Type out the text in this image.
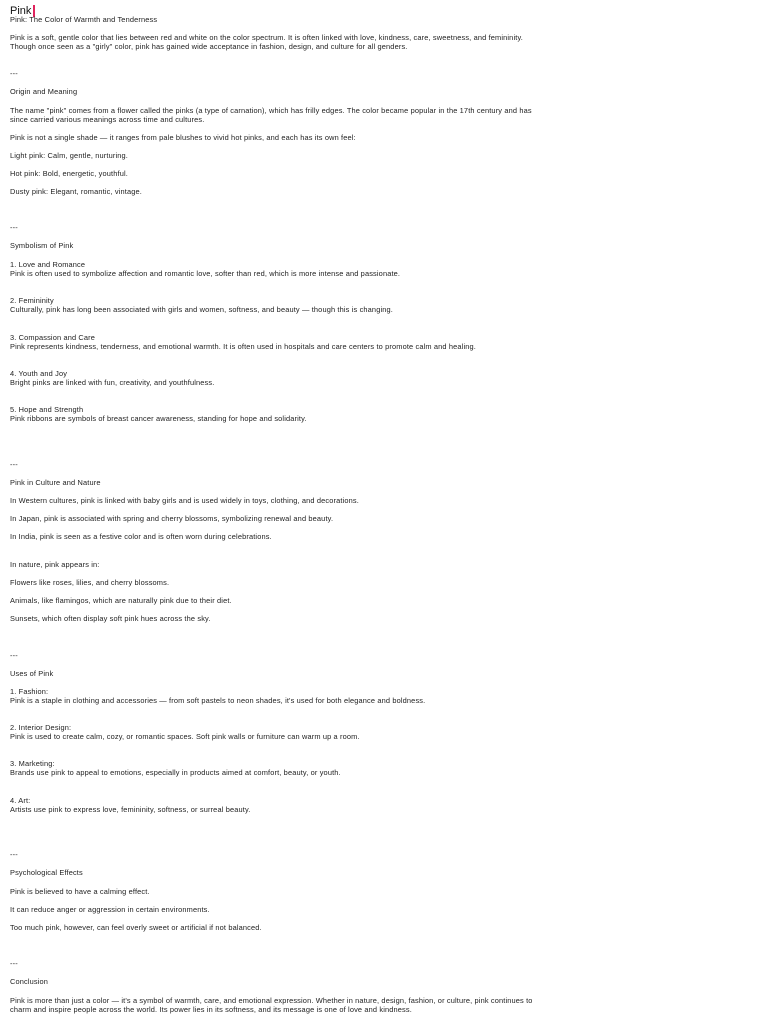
Pink

Pink: The Color of Warmth and Tenderness

Pink is a soft, gentle color that lies between red and white on the color spectrum. It is often linked with love, kindness, care, sweetness, and femininity.
Though once seen as a "girly" color, pink has gained wide acceptance in fashion, design, and culture for all genders.

---

Origin and Meaning

The name "pink" comes from a flower called the pinks (a type of carnation), which has frilly edges. The color became popular in the 17th century and has
since carried various meanings across time and cultures.

Pink is not a single shade — it ranges from pale blushes to vivid hot pinks, and each has its own feel:

Light pink: Calm, gentle, nurturing.

Hot pink: Bold, energetic, youthful.

Dusty pink: Elegant, romantic, vintage.

---

Symbolism of Pink

1. Love and Romance
Pink is often used to symbolize affection and romantic love, softer than red, which is more intense and passionate.

2. Femininity
Culturally, pink has long been associated with girls and women, softness, and beauty — though this is changing.

3. Compassion and Care
Pink represents kindness, tenderness, and emotional warmth. It is often used in hospitals and care centers to promote calm and healing.

4. Youth and Joy
Bright pinks are linked with fun, creativity, and youthfulness.

5. Hope and Strength
Pink ribbons are symbols of breast cancer awareness, standing for hope and solidarity.

---

Pink in Culture and Nature

In Western cultures, pink is linked with baby girls and is used widely in toys, clothing, and decorations.

In Japan, pink is associated with spring and cherry blossoms, symbolizing renewal and beauty.

In India, pink is seen as a festive color and is often worn during celebrations.

In nature, pink appears in:

Flowers like roses, lilies, and cherry blossoms.

Animals, like flamingos, which are naturally pink due to their diet.

Sunsets, which often display soft pink hues across the sky.

---

Uses of Pink

1. Fashion:
Pink is a staple in clothing and accessories — from soft pastels to neon shades, it's used for both elegance and boldness.

2. Interior Design:
Pink is used to create calm, cozy, or romantic spaces. Soft pink walls or furniture can warm up a room.

3. Marketing:
Brands use pink to appeal to emotions, especially in products aimed at comfort, beauty, or youth.

4. Art:
Artists use pink to express love, femininity, softness, or surreal beauty.

---

Psychological Effects

Pink is believed to have a calming effect.

It can reduce anger or aggression in certain environments.

Too much pink, however, can feel overly sweet or artificial if not balanced.

---

Conclusion

Pink is more than just a color — it's a symbol of warmth, care, and emotional expression. Whether in nature, design, fashion, or culture, pink continues to
charm and inspire people across the world. Its power lies in its softness, and its message is one of love and kindness.
